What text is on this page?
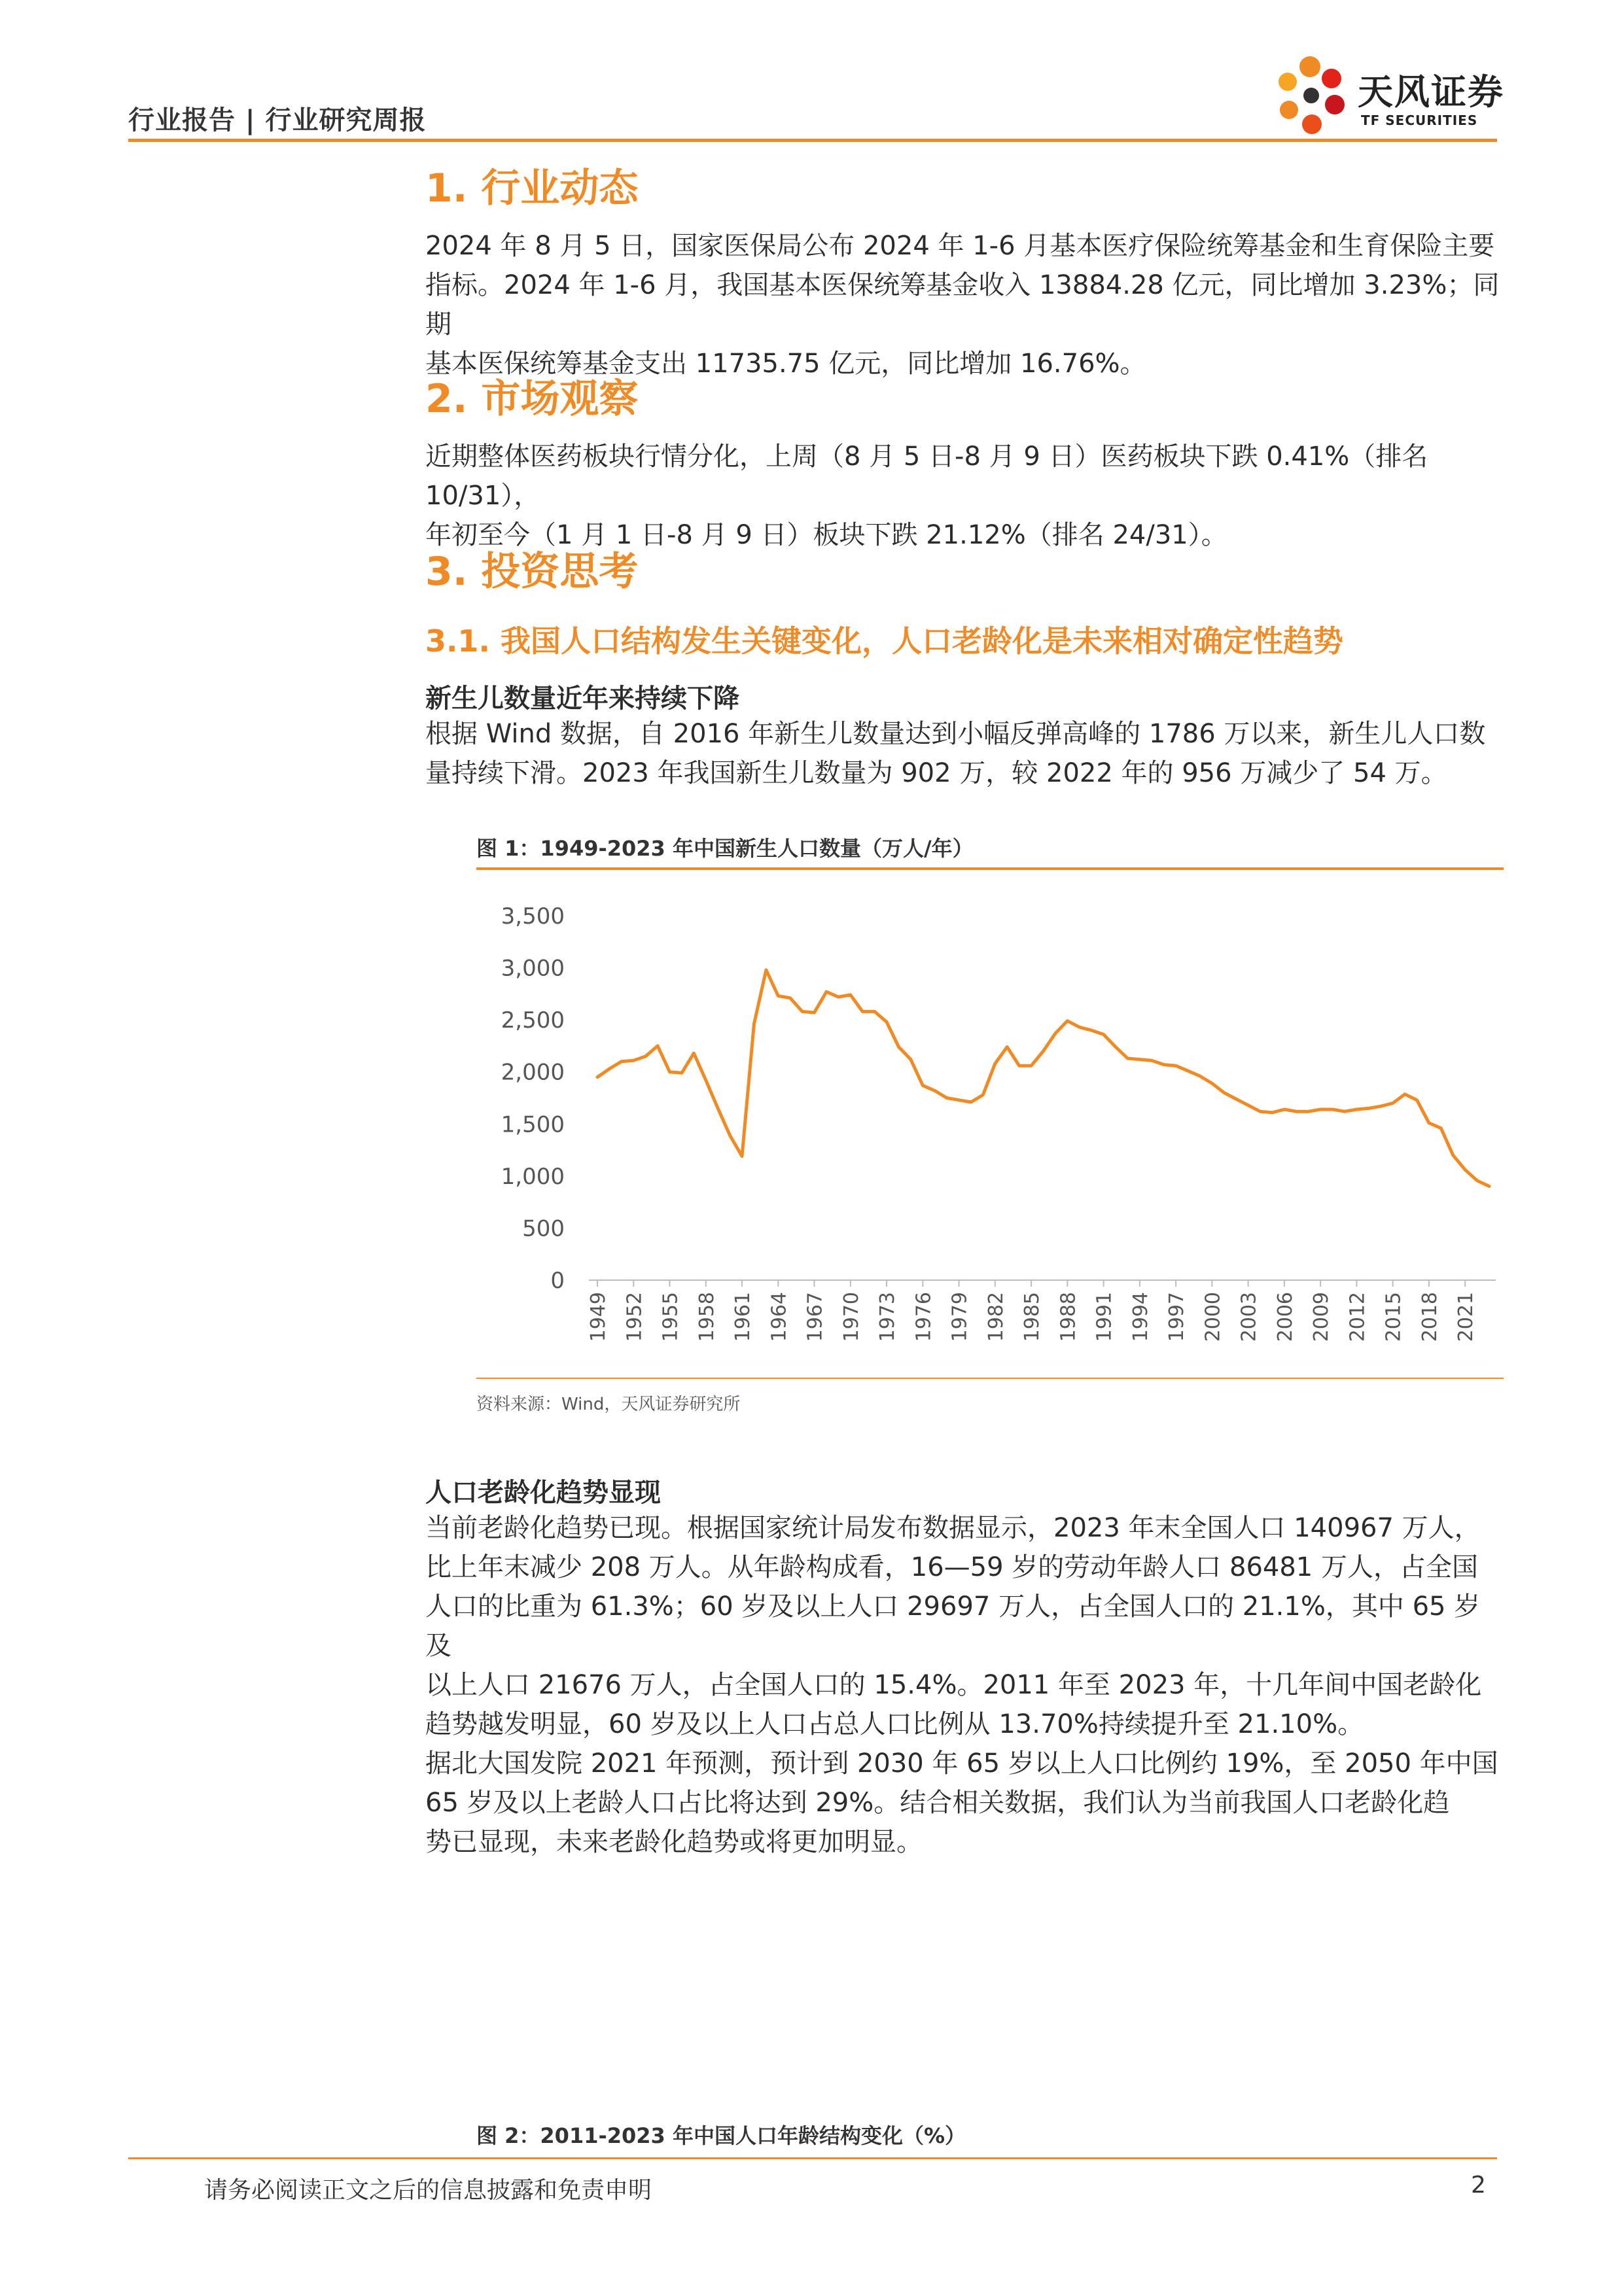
行业报告 | 行业研究周报
天风证券
TF SECURITIES
1. 行业动态

2024 年 8 月 5 日，国家医保局公布 2024 年 1-6 月基本医疗保险统筹基金和生育保险主要

指标。2024 年 1-6 月，我国基本医保统筹基金收入 13884.28 亿元，同比增加 3.23%；同期

基本医保统筹基金支出 11735.75 亿元，同比增加 16.76%。

2. 市场观察

近期整体医药板块行情分化，上周（8 月 5 日-8 月 9 日）医药板块下跌 0.41%（排名 10/31），

年初至今（1 月 1 日-8 月 9 日）板块下跌 21.12%（排名 24/31）。

3. 投资思考
3.1. 我国人口结构发生关键变化，人口老龄化是未来相对确定性趋势
新生儿数量近年来持续下降

根据 Wind 数据，自 2016 年新生儿数量达到小幅反弹高峰的 1786 万以来，新生儿人口数

量持续下滑。2023 年我国新生儿数量为 902 万，较 2022 年的 956 万减少了 54 万。

图 1：1949-2023 年中国新生人口数量（万人/年）
0
500
1,000
1,500
2,000
2,500
3,000
3,500
1949 1952 1955 1958 1961 1964 1967 1970 1973 1976 1979 1982 1985 1988 1991 1994 1997 2000 2003 2006 2009 2012 2015 2018 2021
资料来源：Wind，天风证券研究所
人口老龄化趋势显现

当前老龄化趋势已现。根据国家统计局发布数据显示，2023 年末全国人口 140967 万人，

比上年末减少 208 万人。从年龄构成看，16—59 岁的劳动年龄人口 86481 万人，占全国

人口的比重为 61.3%；60 岁及以上人口 29697 万人，占全国人口的 21.1%，其中 65 岁及

以上人口 21676 万人，占全国人口的 15.4%。2011 年至 2023 年，十几年间中国老龄化

趋势越发明显，60 岁及以上人口占总人口比例从 13.70%持续提升至 21.10%。

据北大国发院 2021 年预测，预计到 2030 年 65 岁以上人口比例约 19%，至 2050 年中国

65 岁及以上老龄人口占比将达到 29%。结合相关数据，我们认为当前我国人口老龄化趋

势已显现，未来老龄化趋势或将更加明显。

图 2：2011-2023 年中国人口年龄结构变化（%）
请务必阅读正文之后的信息披露和免责申明	2
